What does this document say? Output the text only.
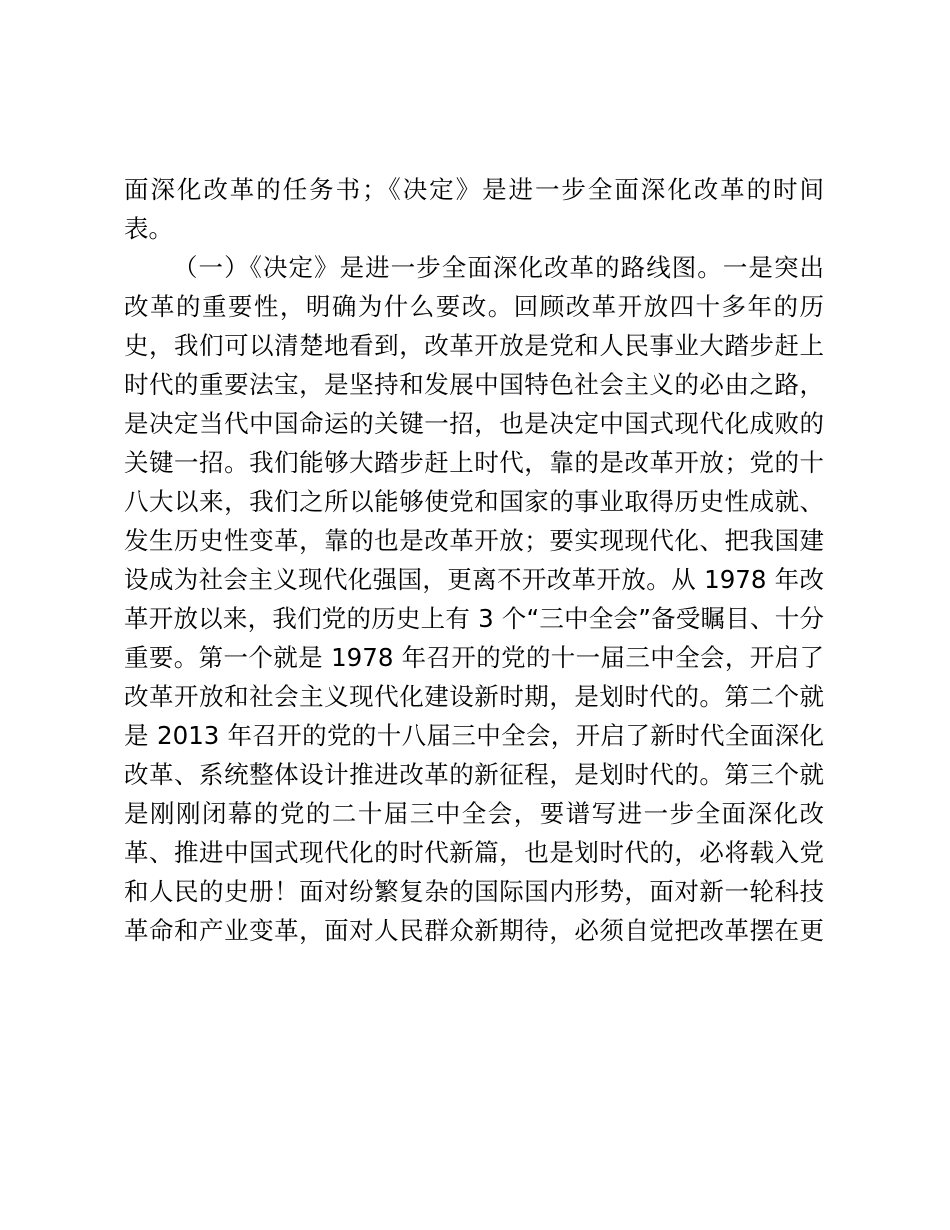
面深化改革的任务书；《决定》是进一步全面深化改革的时间
表。
（一）《决定》是进一步全面深化改革的路线图。一是突出
改革的重要性，明确为什么要改。回顾改革开放四十多年的历
史，我们可以清楚地看到，改革开放是党和人民事业大踏步赶上
时代的重要法宝，是坚持和发展中国特色社会主义的必由之路，
是决定当代中国命运的关键一招，也是决定中国式现代化成败的
关键一招。我们能够大踏步赶上时代，靠的是改革开放；党的十
八大以来，我们之所以能够使党和国家的事业取得历史性成就、
发生历史性变革，靠的也是改革开放；要实现现代化、把我国建
设成为社会主义现代化强国，更离不开改革开放。从 1978 年改
革开放以来，我们党的历史上有 3 个“三中全会”备受瞩目、十分
重要。第一个就是 1978 年召开的党的十一届三中全会，开启了
改革开放和社会主义现代化建设新时期，是划时代的。第二个就
是 2013 年召开的党的十八届三中全会，开启了新时代全面深化
改革、系统整体设计推进改革的新征程，是划时代的。第三个就
是刚刚闭幕的党的二十届三中全会，要谱写进一步全面深化改
革、推进中国式现代化的时代新篇，也是划时代的，必将载入党
和人民的史册！面对纷繁复杂的国际国内形势，面对新一轮科技
革命和产业变革，面对人民群众新期待，必须自觉把改革摆在更
